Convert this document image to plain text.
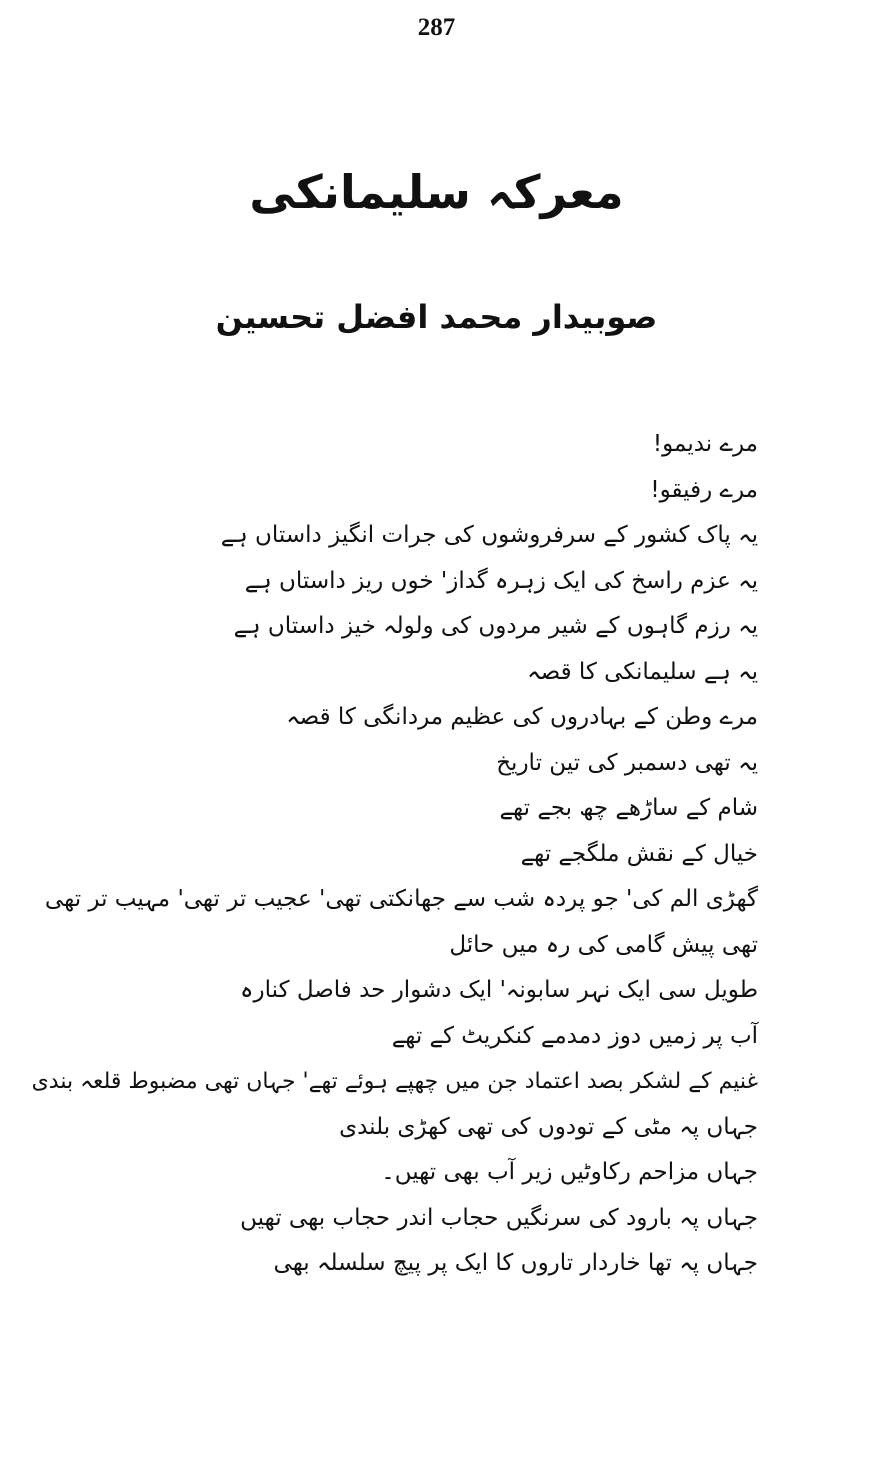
287
معرکہ سلیمانکی
صوبیدار محمد افضل تحسین
مرے ندیمو!
مرے رفیقو!
یہ پاک کشور کے سرفروشوں کی جرات انگیز داستاں ہے
یہ عزم راسخ کی ایک زہرہ گداز' خوں ریز داستاں ہے
یہ رزم گاہوں کے شیر مردوں کی ولولہ خیز داستاں ہے
یہ ہے سلیمانکی کا قصہ
مرے وطن کے بہادروں کی عظیم مردانگی کا قصہ
یہ تھی دسمبر کی تین تاریخ
شام کے ساڑھے چھ بجے تھے
خیال کے نقش ملگجے تھے
گھڑی الم کی' جو پردہ شب سے جھانکتی تھی' عجیب تر تھی' مہیب تر تھی
تھی پیش گامی کی رہ میں حائل
طویل سی ایک نہر سابونہ' ایک دشوار حد فاصل کنارہ
آب پر زمیں دوز دمدمے کنکریٹ کے تھے
غنیم کے لشکر بصد اعتماد جن میں چھپے ہوئے تھے' جہاں تھی مضبوط قلعہ بندی
جہاں پہ مٹی کے تودوں کی تھی کھڑی بلندی
جہاں مزاحم رکاوٹیں زیر آب بھی تھیں۔
جہاں پہ بارود کی سرنگیں حجاب اندر حجاب بھی تھیں
جہاں پہ تھا خاردار تاروں کا ایک پر پیچ سلسلہ بھی
